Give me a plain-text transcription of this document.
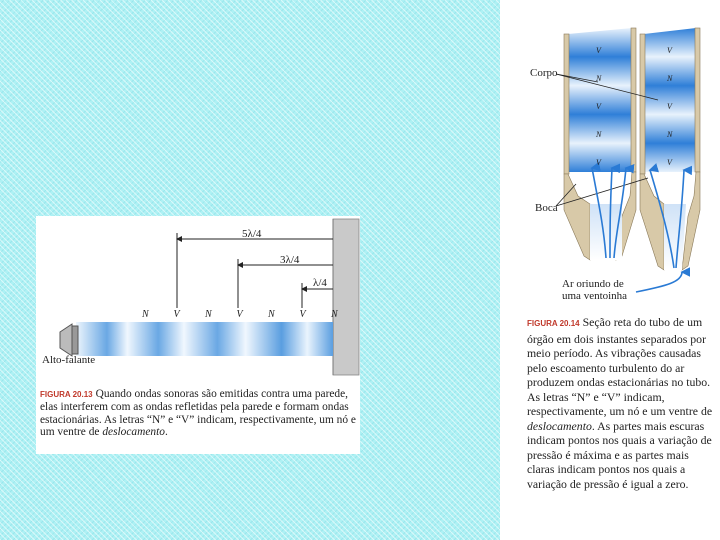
5λ/4
3λ/4
λ/4
N V	N V	N V	N
Alto-falante
FIGURA 20.13 Quando ondas sonoras são emitidas contra uma parede, elas interferem com as ondas refletidas pela parede e formam ondas estacionárias. As letras “N” e “V” indicam, respectivamente, um nó e um ventre de deslocamento.
V
N
V
N
V
V
N
V
N
V
Corpo
Boca
Ar oriundo de
uma ventoinha
FIGURA 20.14 Seção reta do tubo de um órgão em dois instantes separados por meio período. As vibrações causadas pelo escoamento turbulento do ar produzem ondas estacionárias no tubo. As letras “N” e “V” indicam, respectivamente, um nó e um ventre de deslocamento. As partes mais escuras indicam pontos nos quais a variação de pressão é máxima e as partes mais claras indicam pontos nos quais a variação de pressão é igual a zero.
